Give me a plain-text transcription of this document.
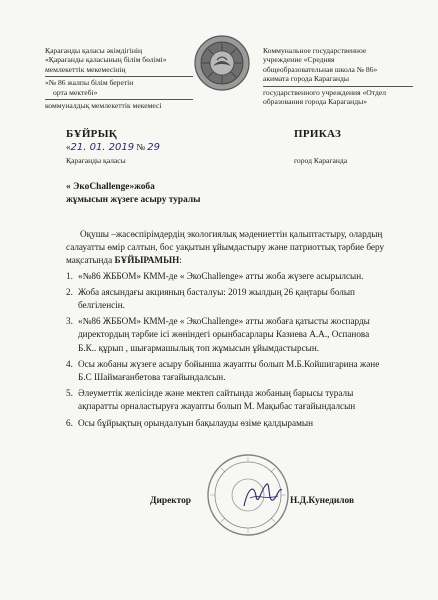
Қарағанды қаласы әкімдігінің
«Қарағанды қаласының білім бөлімі»
мемлекеттік мекемесінің
«№ 86 жалпы білім беретін
орта мектебі»
коммуналдық мемлекеттік мекемесі
Коммунальное государственное
учреждение «Средняя
общеобразовательная школа № 86»
акимата города Караганды
государственного учреждения «Отдел
образования города Караганды»
БҰЙРЫҚ	ПРИКАЗ
«21. 01. 2019 № 29
Қарағанды қаласы	город Караганда
« ЭкоChallenge»жоба
жұмысын жүзеге асыру туралы

Оқушы –жасөспірімдердің экологиялық мәдениеттін қалыптастыру, олардың салауатты өмір салтын, бос уақытын ұйымдастыру және патриоттық тәрбие беру мақсатында БҰЙЫРАМЫН:

1. «№86 ЖББОМ» КММ-де « ЭкоChallenge» атты жоба жүзеге асырылсын.
2. Жоба аясындағы акцияның басталуы: 2019 жылдың 26 қаңтары болып белгіленсін.
3. «№86 ЖББОМ» КММ-де « ЭкоChallenge» атты жобаға қатысты жоспарды директордың тәрбие ісі жөніндегі орынбасарлары Казиева А.А., Оспанова Б.К.. құрып , шығармашылық топ жұмысын ұйымдастырсын.
4. Осы жобаны жүзеге асыру бойынша жауапты болып М.Б.Койшигарина және Б.С Шаймағанбетова тағайындалсын.
5. Әлеуметтік желісінде және мектеп сайтында жобаның барысы туралы ақпаратты орналастыруға жауапты болып М. Мақыбас тағайындалсын
6. Осы бұйрықтың орындалуын бақылауды өзіме қалдырамын
Директор	Н.Д.Кунедилов
